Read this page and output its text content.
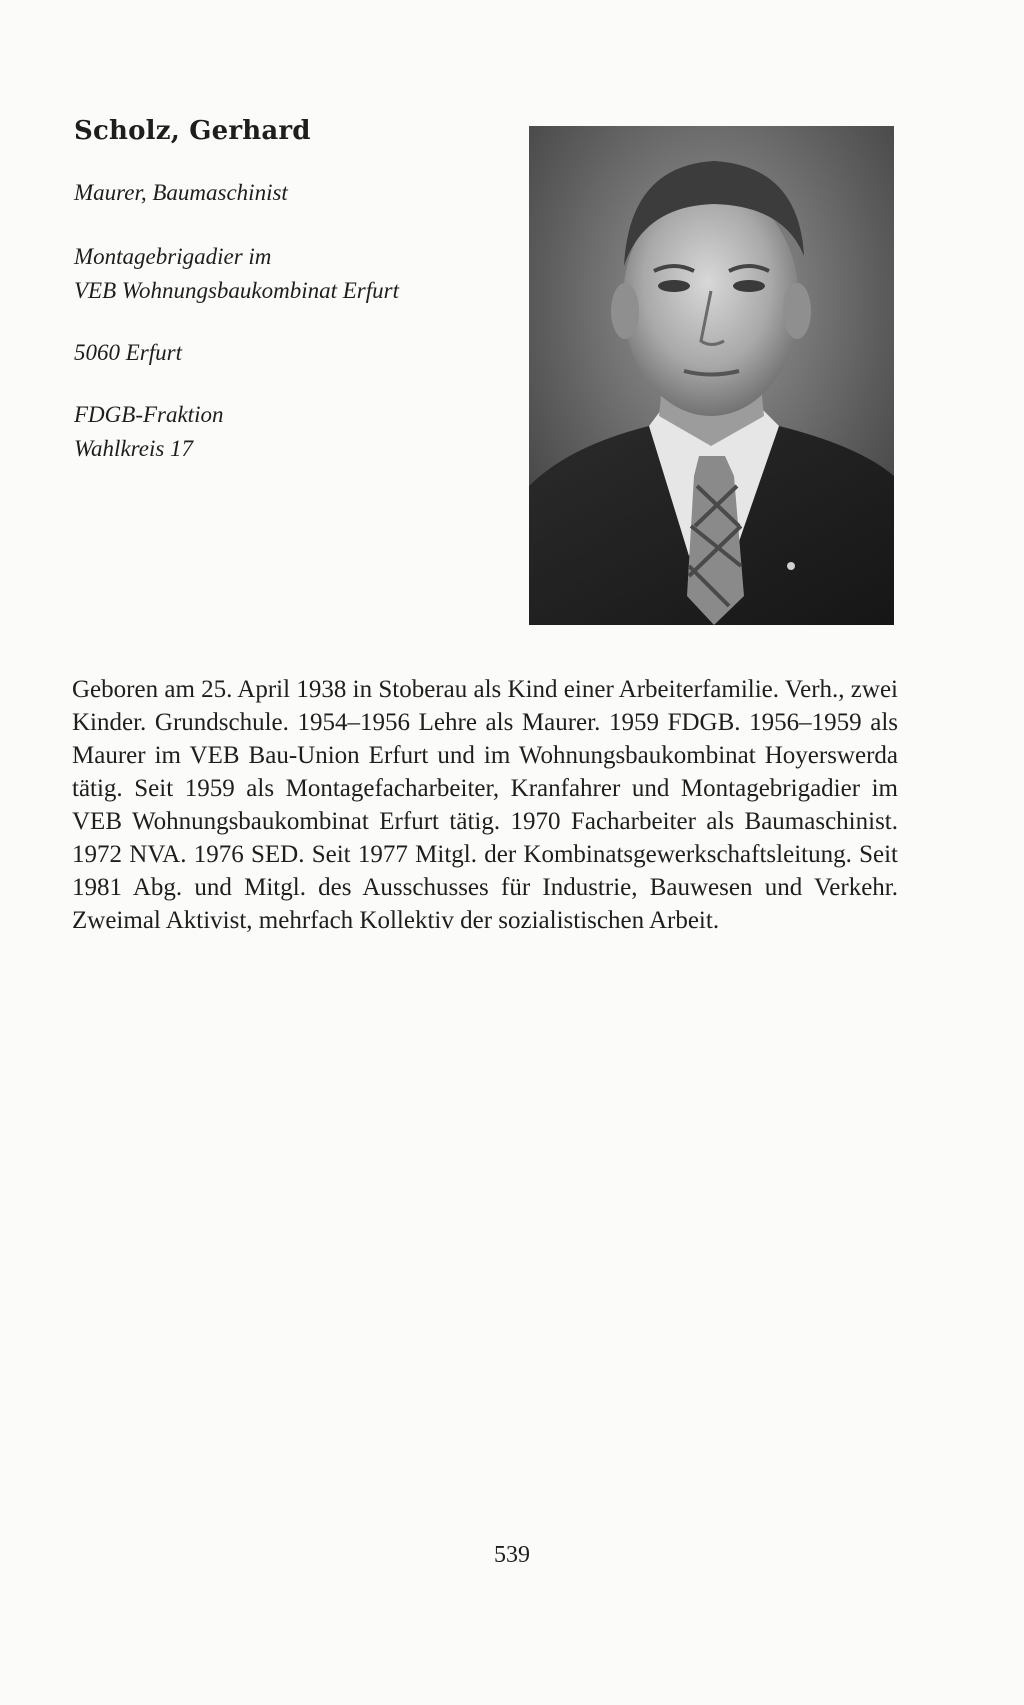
Scholz, Gerhard
Maurer, Baumaschinist
Montagebrigadier im
VEB Wohnungsbaukombinat Erfurt
5060 Erfurt
FDGB-Fraktion
Wahlkreis 17
Geboren am 25. April 1938 in Stoberau als Kind einer Arbeiterfamilie. Verh., zwei Kinder. Grundschule. 1954–1956 Lehre als Maurer. 1959 FDGB. 1956–1959 als Maurer im VEB Bau-Union Erfurt und im Wohnungsbaukombinat Hoyerswerda tätig. Seit 1959 als Montagefacharbeiter, Kranfahrer und Montagebrigadier im VEB Wohnungsbaukombinat Erfurt tätig. 1970 Facharbeiter als Baumaschinist. 1972 NVA. 1976 SED. Seit 1977 Mitgl. der Kombinatsgewerkschaftsleitung. Seit 1981 Abg. und Mitgl. des Ausschusses für Industrie, Bauwesen und Verkehr. Zweimal Aktivist, mehrfach Kollektiv der sozialistischen Arbeit.
539
